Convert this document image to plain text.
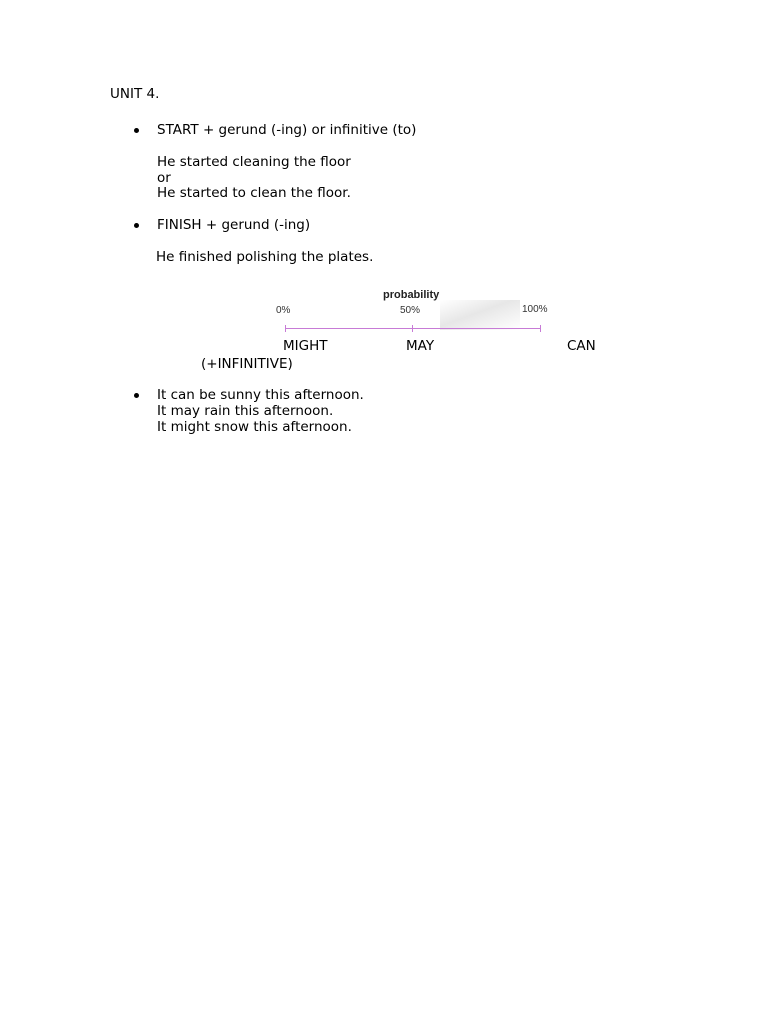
UNIT 4.

START + gerund (-ing) or infinitive (to)

He started cleaning the floor

or

He started to clean the floor.

FINISH + gerund (-ing)

He finished polishing the plates.

probability
0%	50%	100%

MIGHT	MAY	CAN

(+INFINITIVE)

It can be sunny this afternoon.

It may rain this afternoon.

It might snow this afternoon.
